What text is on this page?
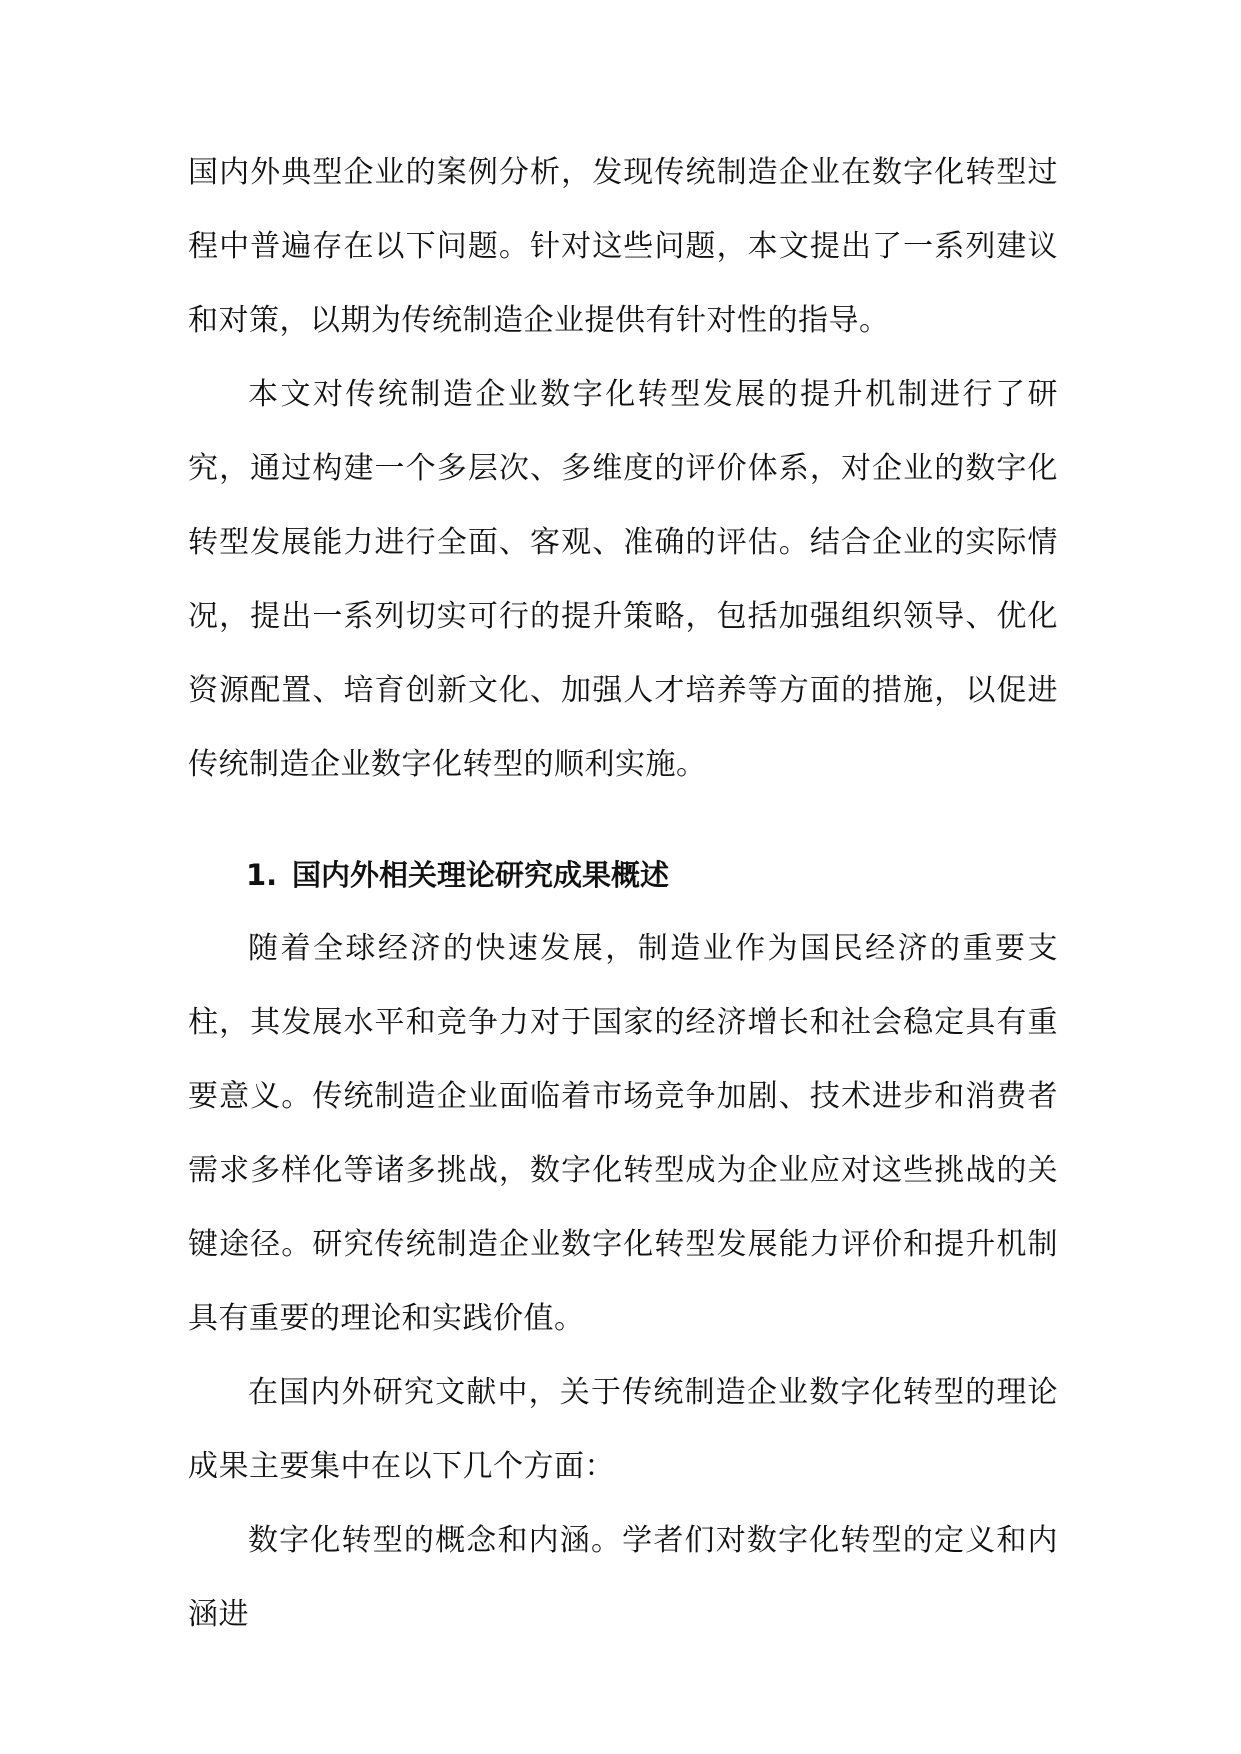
国内外典型企业的案例分析，发现传统制造企业在数字化转型过程中普遍存在以下问题。针对这些问题，本文提出了一系列建议和对策，以期为传统制造企业提供有针对性的指导。

本文对传统制造企业数字化转型发展的提升机制进行了研究，通过构建一个多层次、多维度的评价体系，对企业的数字化转型发展能力进行全面、客观、准确的评估。结合企业的实际情况，提出一系列切实可行的提升策略，包括加强组织领导、优化资源配置、培育创新文化、加强人才培养等方面的措施，以促进传统制造企业数字化转型的顺利实施。

1. 国内外相关理论研究成果概述

随着全球经济的快速发展，制造业作为国民经济的重要支柱，其发展水平和竞争力对于国家的经济增长和社会稳定具有重要意义。传统制造企业面临着市场竞争加剧、技术进步和消费者需求多样化等诸多挑战，数字化转型成为企业应对这些挑战的关键途径。研究传统制造企业数字化转型发展能力评价和提升机制具有重要的理论和实践价值。

在国内外研究文献中，关于传统制造企业数字化转型的理论成果主要集中在以下几个方面：

数字化转型的概念和内涵。学者们对数字化转型的定义和内涵进
